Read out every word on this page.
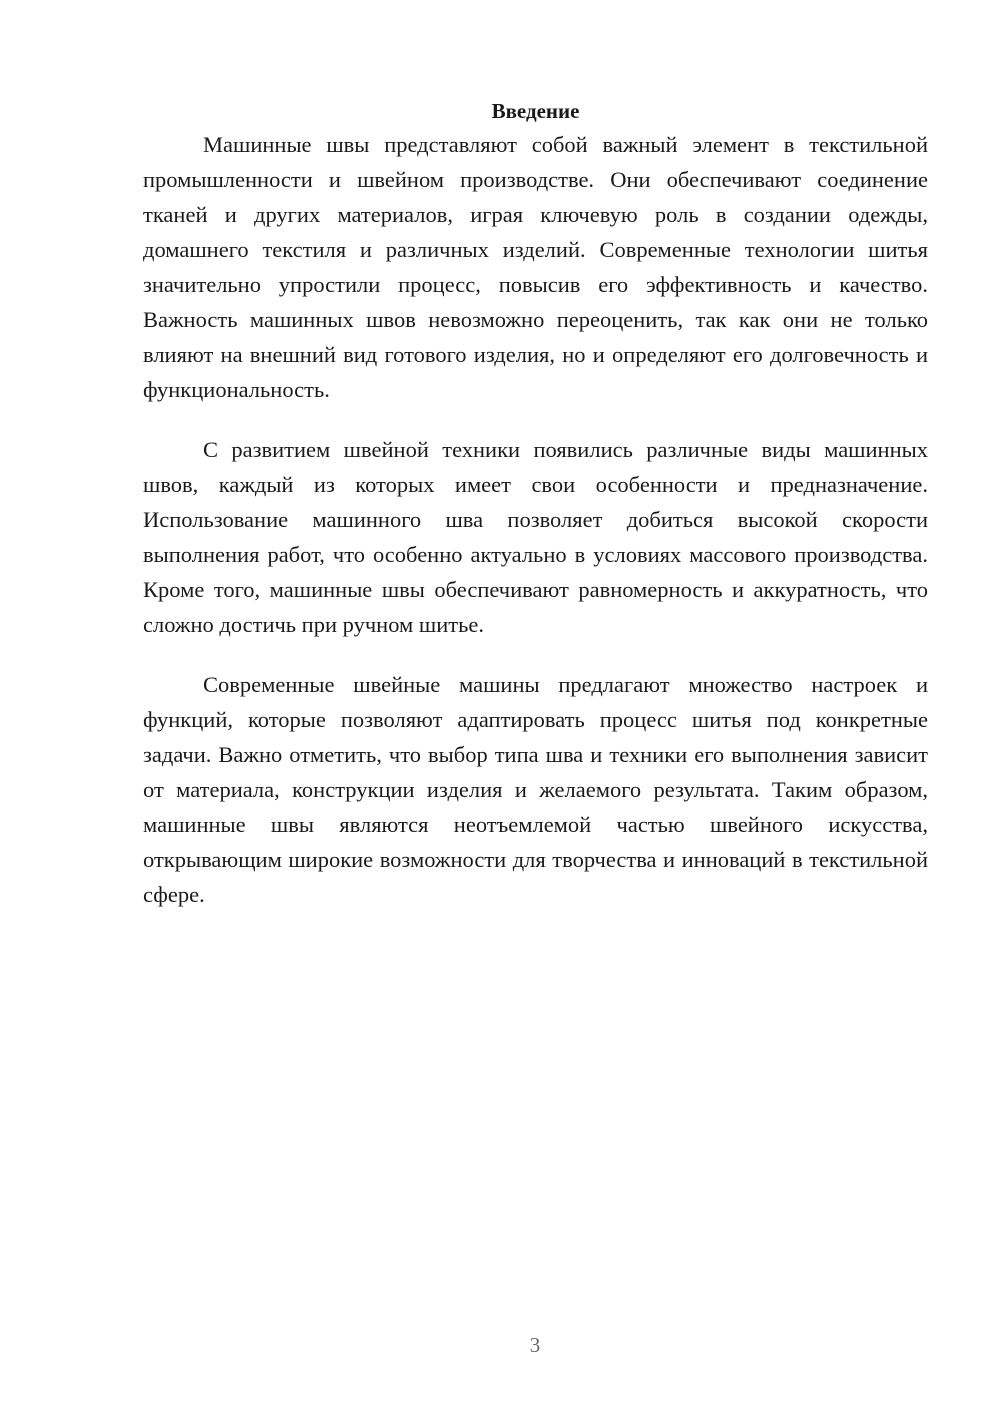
Введение

Машинные швы представляют собой важный элемент в текстильной промышленности и швейном производстве. Они обеспечивают соединение тканей и других материалов, играя ключевую роль в создании одежды, домашнего текстиля и различных изделий. Современные технологии шитья значительно упростили процесс, повысив его эффективность и качество. Важность машинных швов невозможно переоценить, так как они не только влияют на внешний вид готового изделия, но и определяют его долговечность и функциональность.

С развитием швейной техники появились различные виды машинных швов, каждый из которых имеет свои особенности и предназначение. Использование машинного шва позволяет добиться высокой скорости выполнения работ, что особенно актуально в условиях массового производства. Кроме того, машинные швы обеспечивают равномерность и аккуратность, что сложно достичь при ручном шитье.

Современные швейные машины предлагают множество настроек и функций, которые позволяют адаптировать процесс шитья под конкретные задачи. Важно отметить, что выбор типа шва и техники его выполнения зависит от материала, конструкции изделия и желаемого результата. Таким образом, машинные швы являются неотъемлемой частью швейного искусства, открывающим широкие возможности для творчества и инноваций в текстильной сфере.

3
